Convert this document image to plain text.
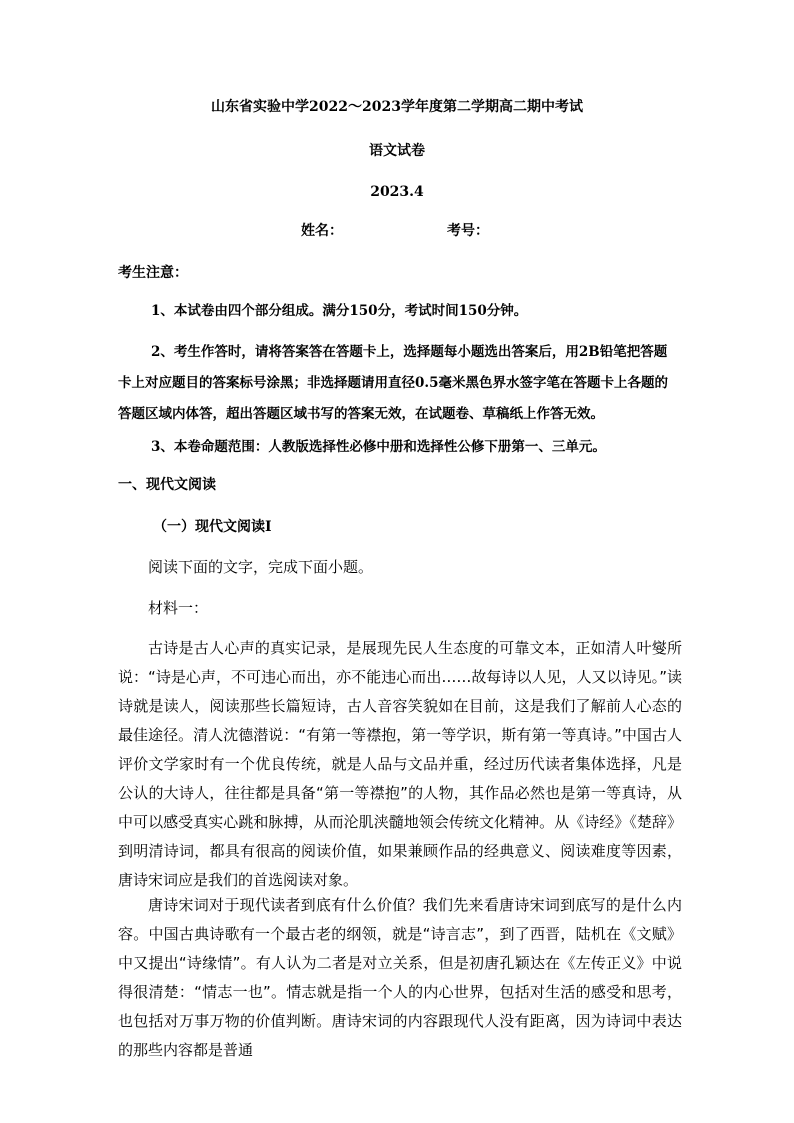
山东省实验中学2022～2023学年度第二学期高二期中考试
语文试卷
2023.4
姓名：	考号：
考生注意：
1、本试卷由四个部分组成。满分150分，考试时间150分钟。
2、考生作答时，请将答案答在答题卡上，选择题每小题选出答案后，用2B铅笔把答题卡上对应题目的答案标号涂黑；非选择题请用直径0.5毫米黑色界水签字笔在答题卡上各题的答题区域内体答，超出答题区域书写的答案无效，在试题卷、草稿纸上作答无效。
3、本卷命题范围：人教版选择性必修中册和选择性公修下册第一、三单元。
一、现代文阅读
（一）现代文阅读Ⅰ
阅读下面的文字，完成下面小题。
材料一：
古诗是古人心声的真实记录，是展现先民人生态度的可靠文本，正如清人叶燮所说：“诗是心声，不可违心而出，亦不能违心而出……故每诗以人见，人又以诗见。”读诗就是读人，阅读那些长篇短诗，古人音容笑貌如在目前，这是我们了解前人心态的最佳途径。清人沈德潜说：“有第一等襟抱，第一等学识，斯有第一等真诗。”中国古人评价文学家时有一个优良传统，就是人品与文品并重，经过历代读者集体选择，凡是公认的大诗人，往往都是具备“第一等襟抱”的人物，其作品必然也是第一等真诗，从中可以感受真实心跳和脉搏，从而沦肌浃髓地领会传统文化精神。从《诗经》《楚辞》到明清诗词，都具有很高的阅读价值，如果兼顾作品的经典意义、阅读难度等因素，唐诗宋词应是我们的首选阅读对象。
唐诗宋词对于现代读者到底有什么价值？我们先来看唐诗宋词到底写的是什么内容。中国古典诗歌有一个最古老的纲领，就是“诗言志”，到了西晋，陆机在《文赋》中又提出“诗缘情”。有人认为二者是对立关系，但是初唐孔颖达在《左传正义》中说得很清楚：“情志一也”。情志就是指一个人的内心世界，包括对生活的感受和思考，也包括对万事万物的价值判断。唐诗宋词的内容跟现代人没有距离，因为诗词中表达的那些内容都是普通
